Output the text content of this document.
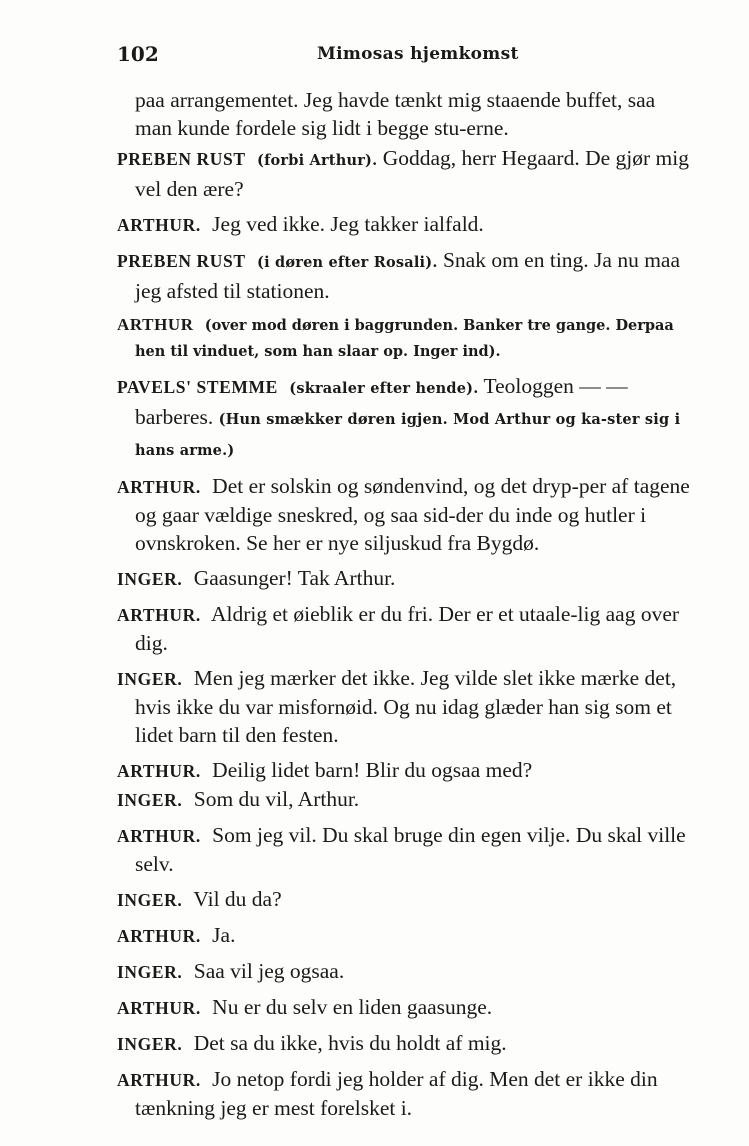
102	Mimosas hjemkomst

paa arrangementet. Jeg havde tænkt mig staaende buffet, saa man kunde fordele sig lidt i begge stu-erne.

PREBEN RUST (forbi Arthur). Goddag, herr Hegaard. De gjør mig vel den ære?

ARTHUR. Jeg ved ikke. Jeg takker ialfald.

PREBEN RUST (i døren efter Rosali). Snak om en ting. Ja nu maa jeg afsted til stationen.

ARTHUR (over mod døren i baggrunden. Banker tre gange. Derpaa hen til vinduet, som han slaar op. Inger ind).

PAVELS' STEMME (skraaler efter hende). Teologgen — — barberes. (Hun smækker døren igjen. Mod Arthur og ka-ster sig i hans arme.)

ARTHUR. Det er solskin og søndenvind, og det dryp-per af tagene og gaar vældige sneskred, og saa sid-der du inde og hutler i ovnskroken. Se her er nye siljuskud fra Bygdø.

INGER. Gaasunger! Tak Arthur.

ARTHUR. Aldrig et øieblik er du fri. Der er et utaale-lig aag over dig.

INGER. Men jeg mærker det ikke. Jeg vilde slet ikke mærke det, hvis ikke du var misfornøid. Og nu idag glæder han sig som et lidet barn til den festen.

ARTHUR. Deilig lidet barn! Blir du ogsaa med?

INGER. Som du vil, Arthur.

ARTHUR. Som jeg vil. Du skal bruge din egen vilje. Du skal ville selv.

INGER. Vil du da?

ARTHUR. Ja.

INGER. Saa vil jeg ogsaa.

ARTHUR. Nu er du selv en liden gaasunge.

INGER. Det sa du ikke, hvis du holdt af mig.

ARTHUR. Jo netop fordi jeg holder af dig. Men det er ikke din tænkning jeg er mest forelsket i.
